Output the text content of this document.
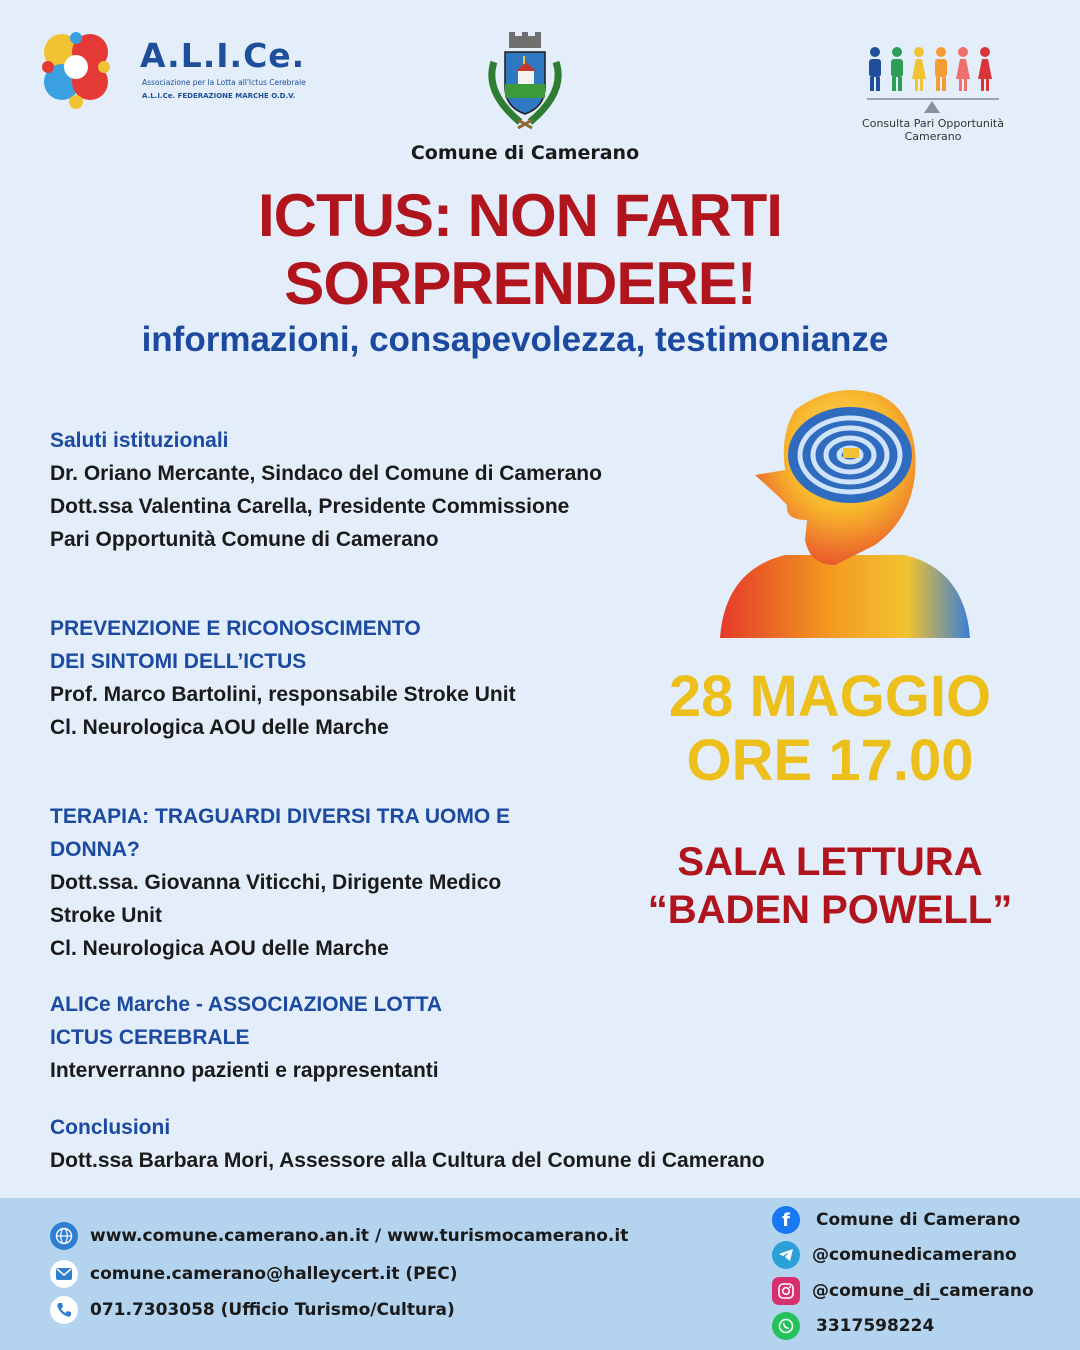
A.L.I.Ce.
Associazione per la Lotta all'Ictus Cerebrale
A.L.I.Ce. FEDERAZIONE MARCHE O.D.V.
Comune di Camerano
Consulta Pari Opportunità
Camerano
ICTUS: NON FARTI
SORPRENDERE!
informazioni, consapevolezza, testimonianze
Saluti istituzionali
Dr. Oriano Mercante, Sindaco del Comune di Camerano
Dott.ssa Valentina Carella, Presidente Commissione
Pari Opportunità Comune di Camerano
PREVENZIONE E RICONOSCIMENTO
DEI SINTOMI DELL’ICTUS
Prof. Marco Bartolini, responsabile Stroke Unit
Cl. Neurologica AOU delle Marche
TERAPIA: TRAGUARDI DIVERSI TRA UOMO E
DONNA?
Dott.ssa. Giovanna Viticchi, Dirigente Medico
Stroke Unit
Cl. Neurologica AOU delle Marche
ALICe Marche - ASSOCIAZIONE LOTTA
ICTUS CEREBRALE
Interverranno pazienti e rappresentanti
Conclusioni
Dott.ssa Barbara Mori, Assessore alla Cultura del Comune di Camerano
28 MAGGIO
ORE 17.00
SALA LETTURA
“BADEN POWELL”
www.comune.camerano.an.it / www.turismocamerano.it
comune.camerano@halleycert.it (PEC)
071.7303058 (Ufficio Turismo/Cultura)
f Comune di Camerano
@comunedicamerano
@comune_di_camerano
3317598224
